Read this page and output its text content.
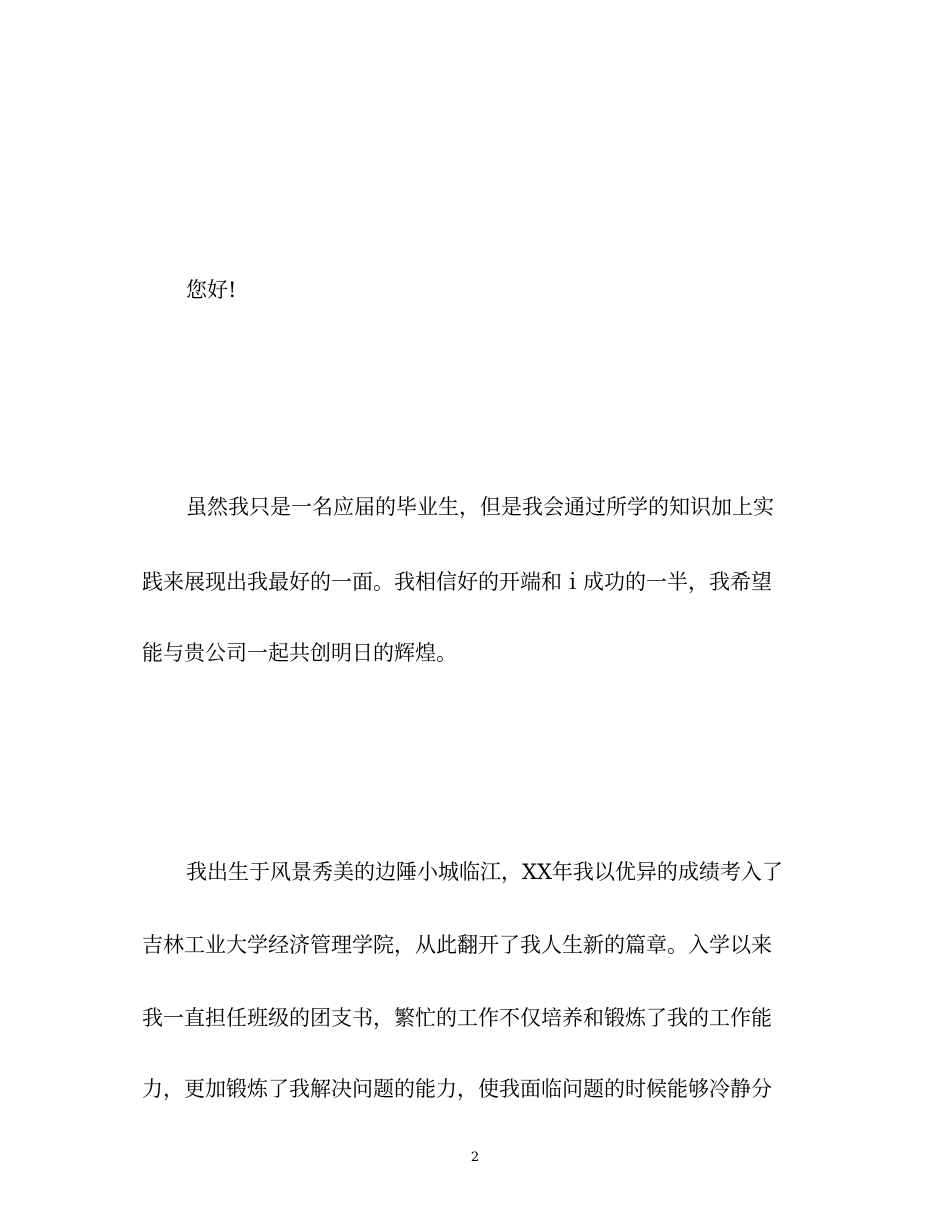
您好!
虽然我只是一名应届的毕业生，但是我会通过所学的知识加上实
践来展现出我最好的一面。我相信好的开端和ｉ成功的一半，我希望
能与贵公司一起共创明日的辉煌。
我出生于风景秀美的边陲小城临江，XX年我以优异的成绩考入了
吉林工业大学经济管理学院，从此翻开了我人生新的篇章。入学以来
我一直担任班级的团支书，繁忙的工作不仅培养和锻炼了我的工作能
力，更加锻炼了我解决问题的能力，使我面临问题的时候能够冷静分
2
